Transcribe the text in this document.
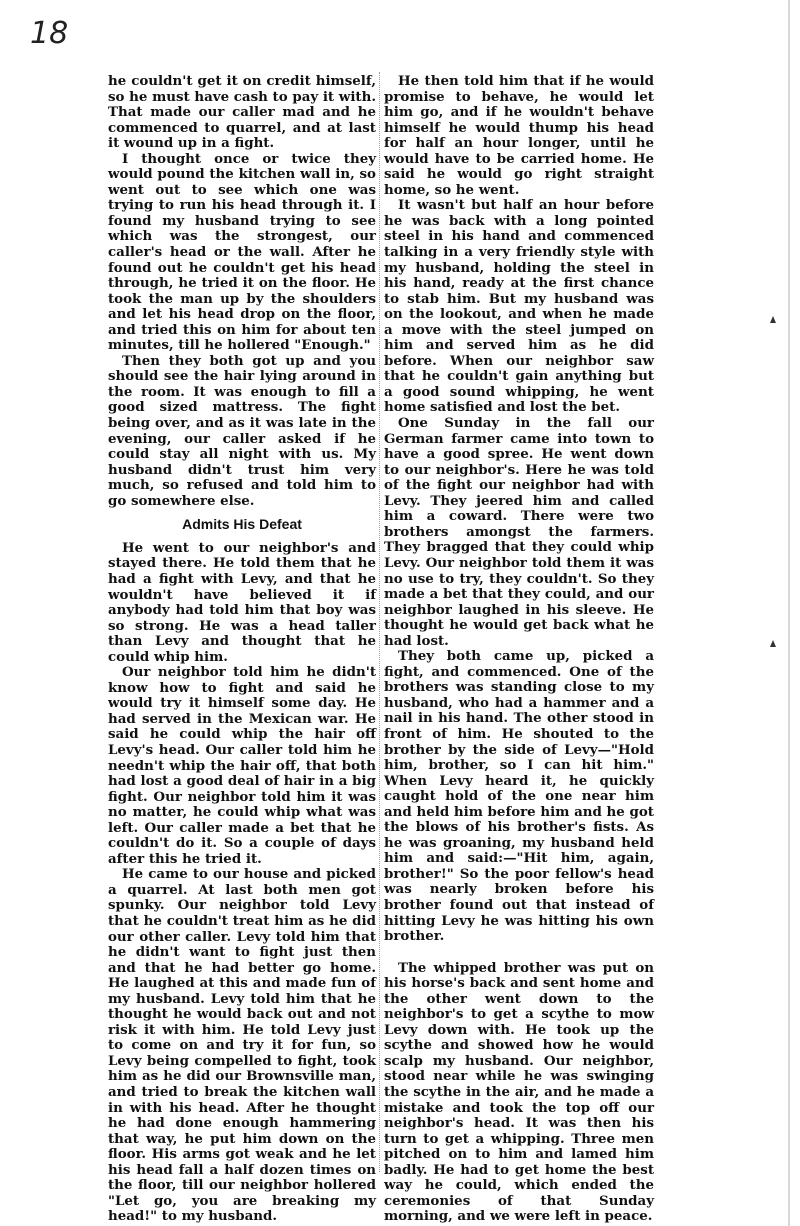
18

he couldn't get it on credit himself, so he must have cash to pay it with. That made our caller mad and he commenced to quarrel, and at last it wound up in a fight.

I thought once or twice they would pound the kitchen wall in, so went out to see which one was trying to run his head through it. I found my husband trying to see which was the strongest, our caller's head or the wall. After he found out he couldn't get his head through, he tried it on the floor. He took the man up by the shoulders and let his head drop on the floor, and tried this on him for about ten minutes, till he hollered "Enough."

Then they both got up and you should see the hair lying around in the room. It was enough to fill a good sized mattress. The fight being over, and as it was late in the evening, our caller asked if he could stay all night with us. My husband didn't trust him very much, so refused and told him to go somewhere else.

Admits His Defeat

He went to our neighbor's and stayed there. He told them that he had a fight with Levy, and that he wouldn't have believed it if anybody had told him that boy was so strong. He was a head taller than Levy and thought that he could whip him.

Our neighbor told him he didn't know how to fight and said he would try it himself some day. He had served in the Mexican war. He said he could whip the hair off Levy's head. Our caller told him he needn't whip the hair off, that both had lost a good deal of hair in a big fight. Our neighbor told him it was no matter, he could whip what was left. Our caller made a bet that he couldn't do it. So a couple of days after this he tried it.

He came to our house and picked a quarrel. At last both men got spunky. Our neighbor told Levy that he couldn't treat him as he did our other caller. Levy told him that he didn't want to fight just then and that he had better go home. He laughed at this and made fun of my husband. Levy told him that he thought he would back out and not risk it with him. He told Levy just to come on and try it for fun, so Levy being compelled to fight, took him as he did our Brownsville man, and tried to break the kitchen wall in with his head. After he thought he had done enough hammering that way, he put him down on the floor. His arms got weak and he let his head fall a half dozen times on the floor, till our neighbor hollered "Let go, you are breaking my head!" to my husband.

He then told him that if he would promise to behave, he would let him go, and if he wouldn't behave himself he would thump his head for half an hour longer, until he would have to be carried home. He said he would go right straight home, so he went.

It wasn't but half an hour before he was back with a long pointed steel in his hand and commenced talking in a very friendly style with my husband, holding the steel in his hand, ready at the first chance to stab him. But my husband was on the lookout, and when he made a move with the steel jumped on him and served him as he did before. When our neighbor saw that he couldn't gain anything but a good sound whipping, he went home satisfied and lost the bet.

One Sunday in the fall our German farmer came into town to have a good spree. He went down to our neighbor's. Here he was told of the fight our neighbor had with Levy. They jeered him and called him a coward. There were two brothers amongst the farmers. They bragged that they could whip Levy. Our neighbor told them it was no use to try, they couldn't. So they made a bet that they could, and our neighbor laughed in his sleeve. He thought he would get back what he had lost.

They both came up, picked a fight, and commenced. One of the brothers was standing close to my husband, who had a hammer and a nail in his hand. The other stood in front of him. He shouted to the brother by the side of Levy—"Hold him, brother, so I can hit him." When Levy heard it, he quickly caught hold of the one near him and held him before him and he got the blows of his brother's fists. As he was groaning, my husband held him and said:—"Hit him, again, brother!" So the poor fellow's head was nearly broken before his brother found out that instead of hitting Levy he was hitting his own brother.

The whipped brother was put on his horse's back and sent home and the other went down to the neighbor's to get a scythe to mow Levy down with. He took up the scythe and showed how he would scalp my husband. Our neighbor, stood near while he was swinging the scythe in the air, and he made a mistake and took the top off our neighbor's head. It was then his turn to get a whipping. Three men pitched on to him and lamed him badly. He had to get home the best way he could, which ended the ceremonies of that Sunday morning, and we were left in peace.
